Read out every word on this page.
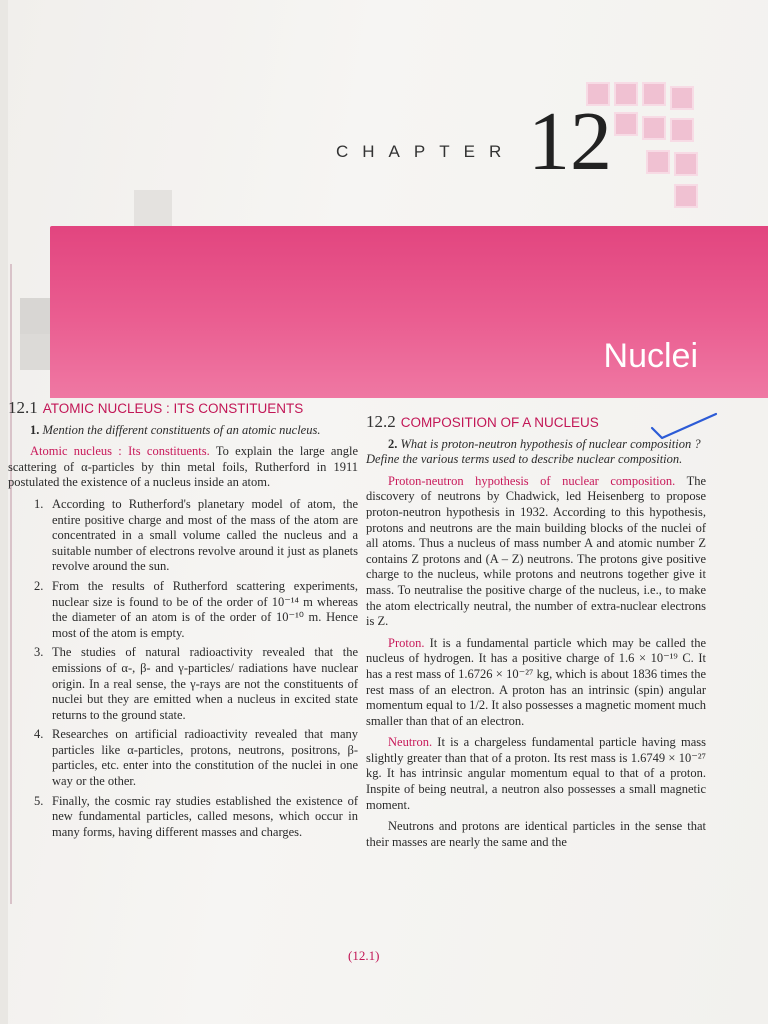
CHAPTER 12
Nuclei
12.1 ATOMIC NUCLEUS : ITS CONSTITUENTS
1. Mention the different constituents of an atomic nucleus.

Atomic nucleus : Its constituents. To explain the large angle scattering of α-particles by thin metal foils, Rutherford in 1911 postulated the existence of a nucleus inside an atom.

1. According to Rutherford's planetary model of atom, the entire positive charge and most of the mass of the atom are concentrated in a small volume called the nucleus and a suitable number of electrons revolve around it just as planets revolve around the sun.
2. From the results of Rutherford scattering experiments, nuclear size is found to be of the order of 10⁻¹⁴ m whereas the diameter of an atom is of the order of 10⁻¹⁰ m. Hence most of the atom is empty.
3. The studies of natural radioactivity revealed that the emissions of α-, β- and γ-particles/ radiations have nuclear origin. In a real sense, the γ-rays are not the constituents of nuclei but they are emitted when a nucleus in excited state returns to the ground state.
4. Researches on artificial radioactivity revealed that many particles like α-particles, protons, neutrons, positrons, β-particles, etc. enter into the constitution of the nuclei in one way or the other.
5. Finally, the cosmic ray studies established the existence of new fundamental particles, called mesons, which occur in many forms, having different masses and charges.
12.2 COMPOSITION OF A NUCLEUS
2. What is proton-neutron hypothesis of nuclear composition ? Define the various terms used to describe nuclear composition.

Proton-neutron hypothesis of nuclear composition. The discovery of neutrons by Chadwick, led Heisenberg to propose proton-neutron hypothesis in 1932. According to this hypothesis, protons and neutrons are the main building blocks of the nuclei of all atoms. Thus a nucleus of mass number A and atomic number Z contains Z protons and (A – Z) neutrons. The protons give positive charge to the nucleus, while protons and neutrons together give it mass. To neutralise the positive charge of the nucleus, i.e., to make the atom electrically neutral, the number of extra-nuclear electrons is Z.

Proton. It is a fundamental particle which may be called the nucleus of hydrogen. It has a positive charge of 1.6 × 10⁻¹⁹ C. It has a rest mass of 1.6726 × 10⁻²⁷ kg, which is about 1836 times the rest mass of an electron. A proton has an intrinsic (spin) angular momentum equal to 1/2. It also possesses a magnetic moment much smaller than that of an electron.

Neutron. It is a chargeless fundamental particle having mass slightly greater than that of a proton. Its rest mass is 1.6749 × 10⁻²⁷ kg. It has intrinsic angular momentum equal to that of a proton. Inspite of being neutral, a neutron also possesses a small magnetic moment.

Neutrons and protons are identical particles in the sense that their masses are nearly the same and the

(12.1)
